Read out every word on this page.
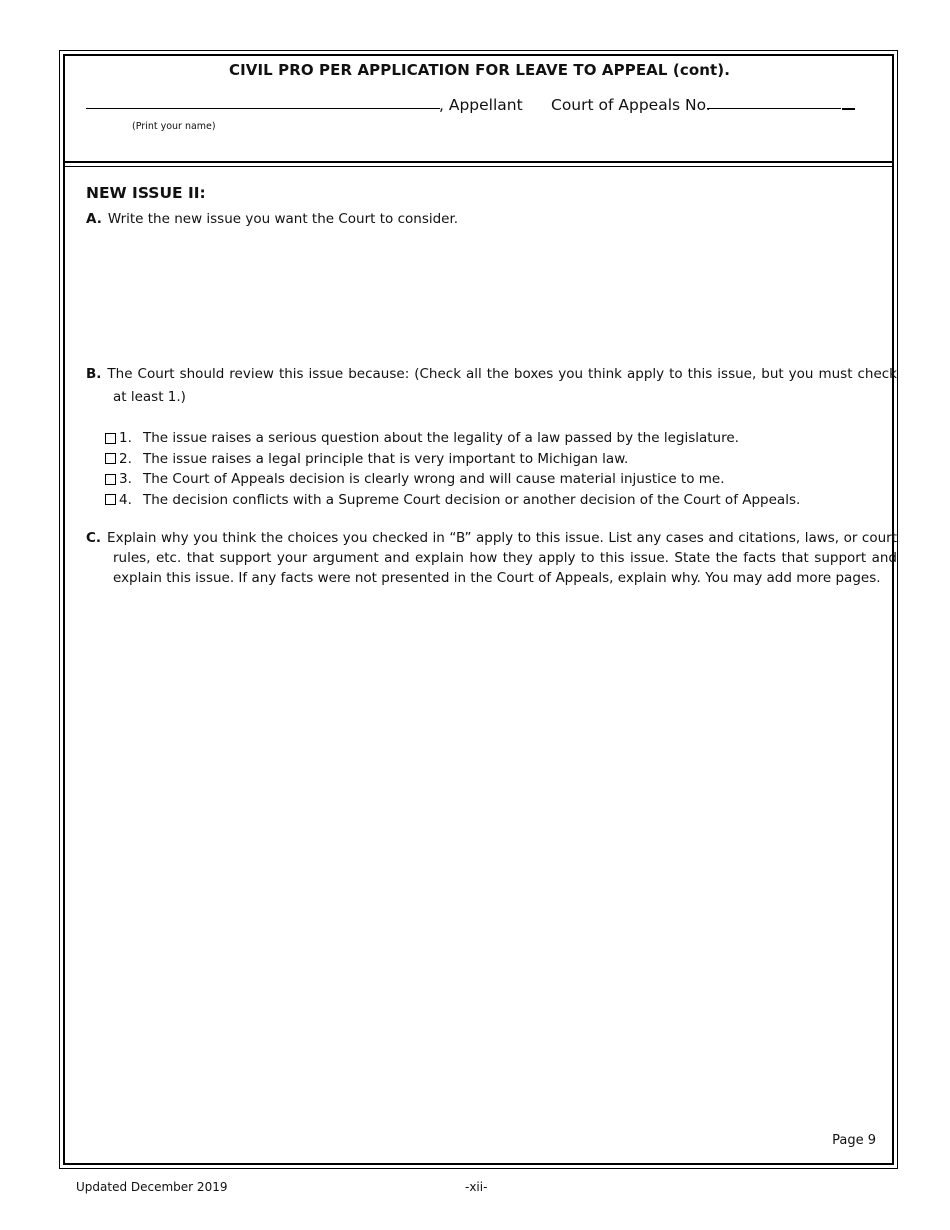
CIVIL PRO PER APPLICATION FOR LEAVE TO APPEAL (cont).
, Appellant Court of Appeals No.
(Print your name)
NEW ISSUE II:
A. Write the new issue you want the Court to consider.
B. The Court should review this issue because: (Check all the boxes you think apply to this issue, but you must check at least 1.)
1. The issue raises a serious question about the legality of a law passed by the legislature.
2. The issue raises a legal principle that is very important to Michigan law.
3. The Court of Appeals decision is clearly wrong and will cause material injustice to me.
4. The decision conflicts with a Supreme Court decision or another decision of the Court of Appeals.
C. Explain why you think the choices you checked in “B” apply to this issue. List any cases and citations, laws, or court rules, etc. that support your argument and explain how they apply to this issue. State the facts that support and explain this issue. If any facts were not presented in the Court of Appeals, explain why. You may add more pages.
Page 9
Updated December 2019	-xii-
